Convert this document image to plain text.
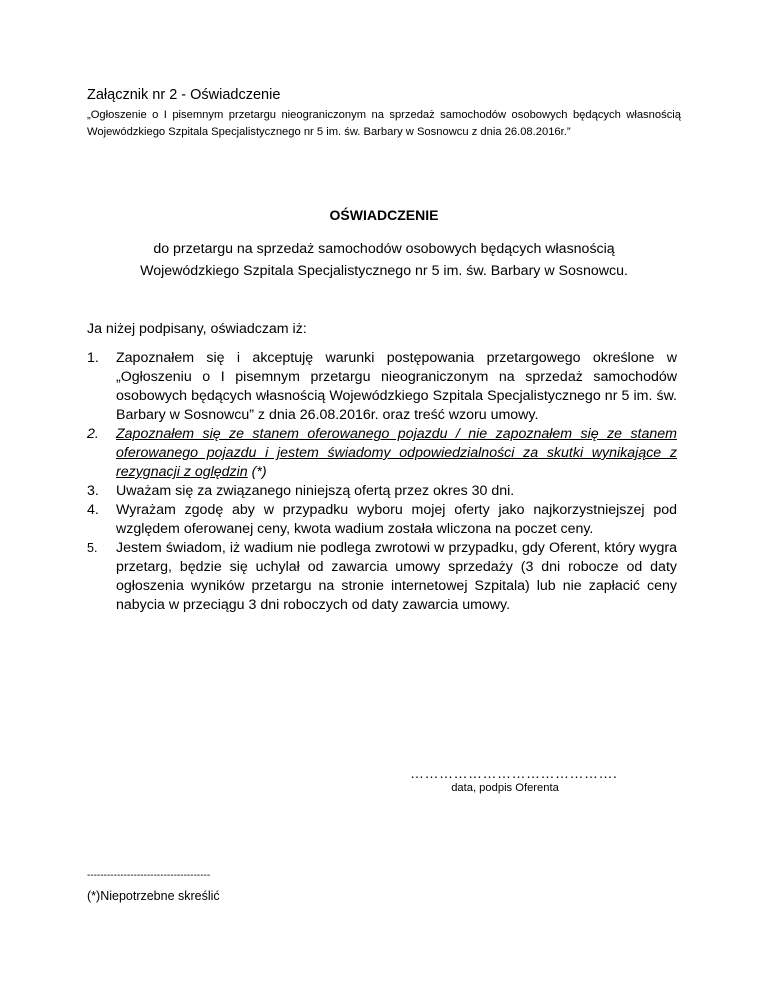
Załącznik nr 2 - Oświadczenie
„Ogłoszenie o I pisemnym przetargu nieograniczonym na sprzedaż samochodów osobowych będących własnością Wojewódzkiego Szpitala Specjalistycznego nr 5 im. św. Barbary w Sosnowcu z dnia 26.08.2016r.”
OŚWIADCZENIE
do przetargu na sprzedaż samochodów osobowych będących własnością
Wojewódzkiego Szpitala Specjalistycznego nr 5 im. św. Barbary w Sosnowcu.
Ja niżej podpisany, oświadczam iż:
1. Zapoznałem się i akceptuję warunki postępowania przetargowego określone w „Ogłoszeniu o I pisemnym przetargu nieograniczonym na sprzedaż samochodów osobowych będących własnością Wojewódzkiego Szpitala Specjalistycznego nr 5 im. św. Barbary w Sosnowcu” z dnia 26.08.2016r. oraz treść wzoru umowy.
2. Zapoznałem się ze stanem oferowanego pojazdu / nie zapoznałem się ze stanem oferowanego pojazdu i jestem świadomy odpowiedzialności za skutki wynikające z rezygnacji z oględzin (*)
3. Uważam się za związanego niniejszą ofertą przez okres 30 dni.
4. Wyrażam zgodę aby w przypadku wyboru mojej oferty jako najkorzystniejszej pod względem oferowanej ceny, kwota wadium została wliczona na poczet ceny.
5. Jestem świadom, iż wadium nie podlega zwrotowi w przypadku, gdy Oferent, który wygra przetarg, będzie się uchylał od zawarcia umowy sprzedaży (3 dni robocze od daty ogłoszenia wyników przetargu na stronie internetowej Szpitala) lub nie zapłacić ceny nabycia w przeciągu 3 dni roboczych od daty zawarcia umowy.
…………………………………….
data, podpis Oferenta
-------------------------------------
(*)Niepotrzebne skreślić
